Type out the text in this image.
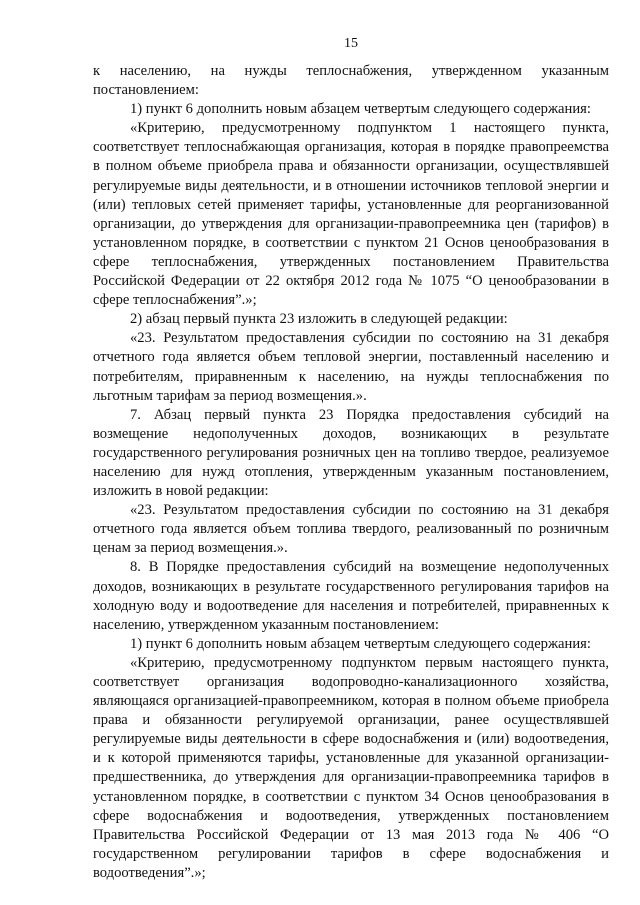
15

к населению, на нужды теплоснабжения, утвержденном указанным постановлением:

1) пункт 6 дополнить новым абзацем четвертым следующего содержания:

«Критерию, предусмотренному подпунктом 1 настоящего пункта, соответствует теплоснабжающая организация, которая в порядке правопреемства в полном объеме приобрела права и обязанности организации, осуществлявшей регулируемые виды деятельности, и в отношении источников тепловой энергии и (или) тепловых сетей применяет тарифы, установленные для реорганизованной организации, до утверждения для организации-правопреемника цен (тарифов) в установленном порядке, в соответствии с пунктом 21 Основ ценообразования в сфере теплоснабжения, утвержденных постановлением Правительства Российской Федерации от 22 октября 2012 года № 1075 “О ценообразовании в сфере теплоснабжения”.»;

2) абзац первый пункта 23 изложить в следующей редакции:

«23. Результатом предоставления субсидии по состоянию на 31 декабря отчетного года является объем тепловой энергии, поставленный населению и потребителям, приравненным к населению, на нужды теплоснабжения по льготным тарифам за период возмещения.».

7. Абзац первый пункта 23 Порядка предоставления субсидий на возмещение недополученных доходов, возникающих в результате государственного регулирования розничных цен на топливо твердое, реализуемое населению для нужд отопления, утвержденным указанным постановлением, изложить в новой редакции:

«23. Результатом предоставления субсидии по состоянию на 31 декабря отчетного года является объем топлива твердого, реализованный по розничным ценам за период возмещения.».

8. В Порядке предоставления субсидий на возмещение недополученных доходов, возникающих в результате государственного регулирования тарифов на холодную воду и водоотведение для населения и потребителей, приравненных к населению, утвержденном указанным постановлением:

1) пункт 6 дополнить новым абзацем четвертым следующего содержания:

«Критерию, предусмотренному подпунктом первым настоящего пункта, соответствует организация водопроводно-канализационного хозяйства, являющаяся организацией-правопреемником, которая в полном объеме приобрела права и обязанности регулируемой организации, ранее осуществлявшей регулируемые виды деятельности в сфере водоснабжения и (или) водоотведения, и к которой применяются тарифы, установленные для указанной организации-предшественника, до утверждения для организации-правопреемника тарифов в установленном порядке, в соответствии с пунктом 34 Основ ценообразования в сфере водоснабжения и водоотведения, утвержденных постановлением Правительства Российской Федерации от 13 мая 2013 года № 406 “О государственном регулировании тарифов в сфере водоснабжения и водоотведения”.»;
